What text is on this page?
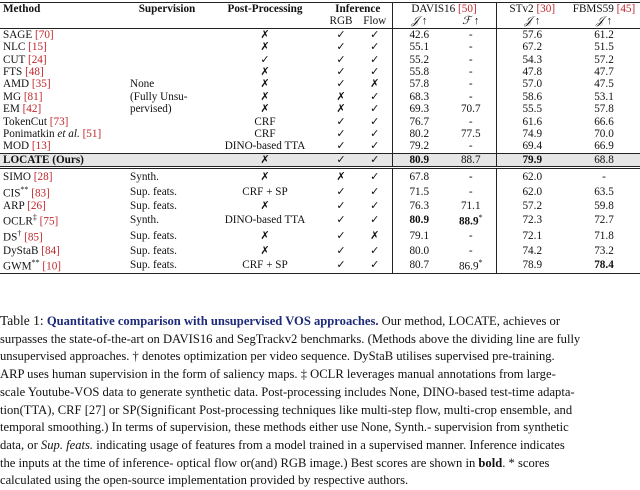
Method	Supervision	Post-Processing	Inference		DAVIS16 [50]		STv2 [30]	FBMS59 [45]
			RGB	Flow	𝒥 ↑	ℱ ↑	𝒥 ↑	𝒥 ↑
SAGE [70]		✗	✓	✓	42.6	-	57.6	61.2
NLC [15]		✗	✓	✓	55.1	-	67.2	51.5
CUT [24]		✓	✓	✓	55.2	-	54.3	57.2
FTS [48]		✗	✓	✓	55.8	-	47.8	47.7
AMD [35]	None	✗	✓	✗	57.8	-	57.0	47.5
MG [81]	(Fully Unsu-	✗	✗	✓	68.3	-	58.6	53.1
EM [42]	pervised)	✗	✗	✓	69.3	70.7	55.5	57.8
TokenCut [73]		CRF	✓	✓	76.7	-	61.6	66.6
Ponimatkin et al. [51]		CRF	✓	✓	80.2	77.5	74.9	70.0
MOD [13]		DINO-based TTA	✓	✓	79.2	-	69.4	66.9
LOCATE (Ours)		✗	✓	✓	80.9	88.7	79.9	68.8
SIMO [28]	Synth.	✗	✗	✓	67.8	-	62.0	-
CIS** [83]	Sup. feats.	CRF + SP	✓	✓	71.5	-	62.0	63.5
ARP [26]	Sup. feats.	✗	✓	✓	76.3	71.1	57.2	59.8
OCLR‡ [75]	Synth.	DINO-based TTA	✓	✓	80.9	88.9*	72.3	72.7
DS† [85]	Sup. feats.	✗	✓	✗	79.1	-	72.1	71.8
DyStaB [84]	Sup. feats.	✗	✓	✓	80.0	-	74.2	73.2
GWM** [10]	Sup. feats.	CRF + SP	✓	✓	80.7	86.9*	78.9	78.4

Table 1: Quantitative comparison with unsupervised VOS approaches. Our method, LOCATE, achieves or

surpasses the state-of-the-art on DAVIS16 and SegTrackv2 benchmarks. (Methods above the dividing line are fully

unsupervised approaches. † denotes optimization per video sequence. DyStaB utilises supervised pre-training.

ARP uses human supervision in the form of saliency maps. ‡ OCLR leverages manual annotations from large-

scale Youtube-VOS data to generate synthetic data. Post-processing includes None, DINO-based test-time adapta-

tion(TTA), CRF [27] or SP(Significant Post-processing techniques like multi-step flow, multi-crop ensemble, and

temporal smoothing.) In terms of supervision, these methods either use None, Synth.- supervision from synthetic

data, or Sup. feats. indicating usage of features from a model trained in a supervised manner. Inference indicates

the inputs at the time of inference- optical flow or(and) RGB image.) Best scores are shown in bold. * scores

calculated using the open-source implementation provided by respective authors.
